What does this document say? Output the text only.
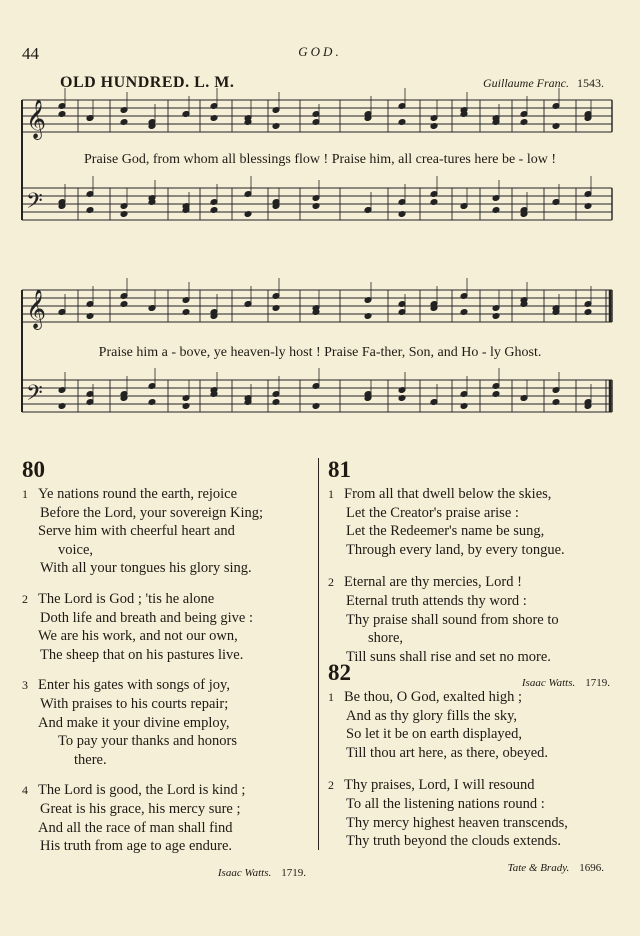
44	GOD.
OLD HUNDRED. L. M.	Guillaume Franc. 1543.
𝄞
𝄢
𝄞
𝄢
Praise God, from whom all blessings flow ! Praise him, all crea-tures here be - low !
Praise him a - bove, ye heaven-ly host ! Praise Fa-ther, Son, and Ho - ly Ghost.
80	81
82
1 Ye nations round the earth, rejoice
Before the Lord, your sovereign King;
Serve him with cheerful heart and
voice,
With all your tongues his glory sing.
2 The Lord is God ; 'tis he alone
Doth life and breath and being give :
We are his work, and not our own,
The sheep that on his pastures live.
3 Enter his gates with songs of joy,
With praises to his courts repair;
And make it your divine employ,
To pay your thanks and honors
there.
4 The Lord is good, the Lord is kind ;
Great is his grace, his mercy sure ;
And all the race of man shall find
His truth from age to age endure.
Isaac Watts. 1719.
1 From all that dwell below the skies,
Let the Creator's praise arise :
Let the Redeemer's name be sung,
Through every land, by every tongue.
2 Eternal are thy mercies, Lord !
Eternal truth attends thy word :
Thy praise shall sound from shore to
shore,
Till suns shall rise and set no more.
Isaac Watts. 1719.
1 Be thou, O God, exalted high ;
And as thy glory fills the sky,
So let it be on earth displayed,
Till thou art here, as there, obeyed.
2 Thy praises, Lord, I will resound
To all the listening nations round :
Thy mercy highest heaven transcends,
Thy truth beyond the clouds extends.
Tate & Brady. 1696.
